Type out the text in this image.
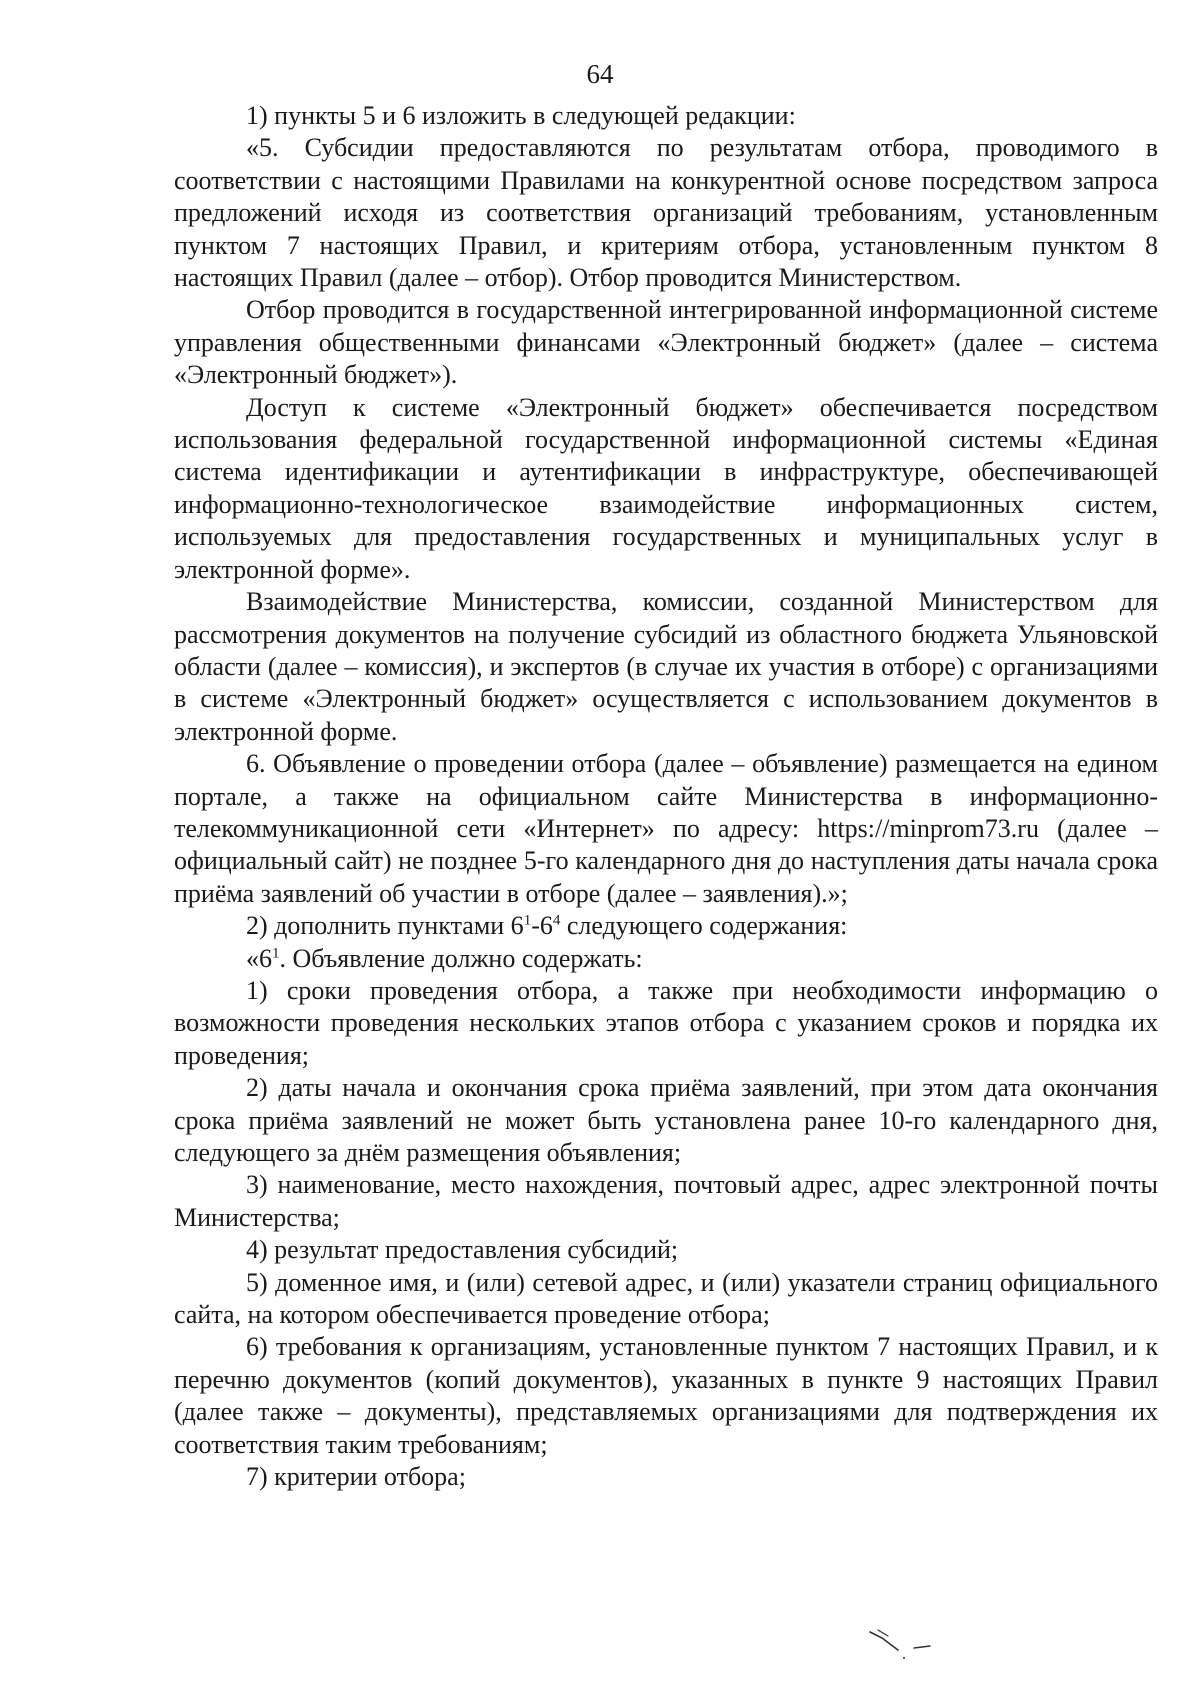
64

1) пункты 5 и 6 изложить в следующей редакции:

«5. Субсидии предоставляются по результатам отбора, проводимого в соответствии с настоящими Правилами на конкурентной основе посредством запроса предложений исходя из соответствия организаций требованиям, установленным пунктом 7 настоящих Правил, и критериям отбора, установленным пунктом 8 настоящих Правил (далее – отбор). Отбор проводится Министерством.

Отбор проводится в государственной интегрированной информационной системе управления общественными финансами «Электронный бюджет» (далее – система «Электронный бюджет»).

Доступ к системе «Электронный бюджет» обеспечивается посредством использования федеральной государственной информационной системы «Единая система идентификации и аутентификации в инфраструктуре, обеспечивающей информационно-технологическое взаимодействие информационных систем, используемых для предоставления государственных и муниципальных услуг в электронной форме».

Взаимодействие Министерства, комиссии, созданной Министерством для рассмотрения документов на получение субсидий из областного бюджета Ульяновской области (далее – комиссия), и экспертов (в случае их участия в отборе) с организациями в системе «Электронный бюджет» осуществляется с использованием документов в электронной форме.

6. Объявление о проведении отбора (далее – объявление) размещается на едином портале, а также на официальном сайте Министерства в информационно-телекоммуникационной сети «Интернет» по адресу: https://minprom73.ru (далее – официальный сайт) не позднее 5-го календарного дня до наступления даты начала срока приёма заявлений об участии в отборе (далее – заявления).»;

2) дополнить пунктами $6^1-6^4$ следующего содержания:

«$6^1$. Объявление должно содержать:

1) сроки проведения отбора, а также при необходимости информацию о возможности проведения нескольких этапов отбора с указанием сроков и порядка их проведения;

2) даты начала и окончания срока приёма заявлений, при этом дата окончания срока приёма заявлений не может быть установлена ранее 10-го календарного дня, следующего за днём размещения объявления;

3) наименование, место нахождения, почтовый адрес, адрес электронной почты Министерства;

4) результат предоставления субсидий;

5) доменное имя, и (или) сетевой адрес, и (или) указатели страниц официального сайта, на котором обеспечивается проведение отбора;

6) требования к организациям, установленные пунктом 7 настоящих Правил, и к перечню документов (копий документов), указанных в пункте 9 настоящих Правил (далее также – документы), представляемых организациями для подтверждения их соответствия таким требованиям;

7) критерии отбора;
